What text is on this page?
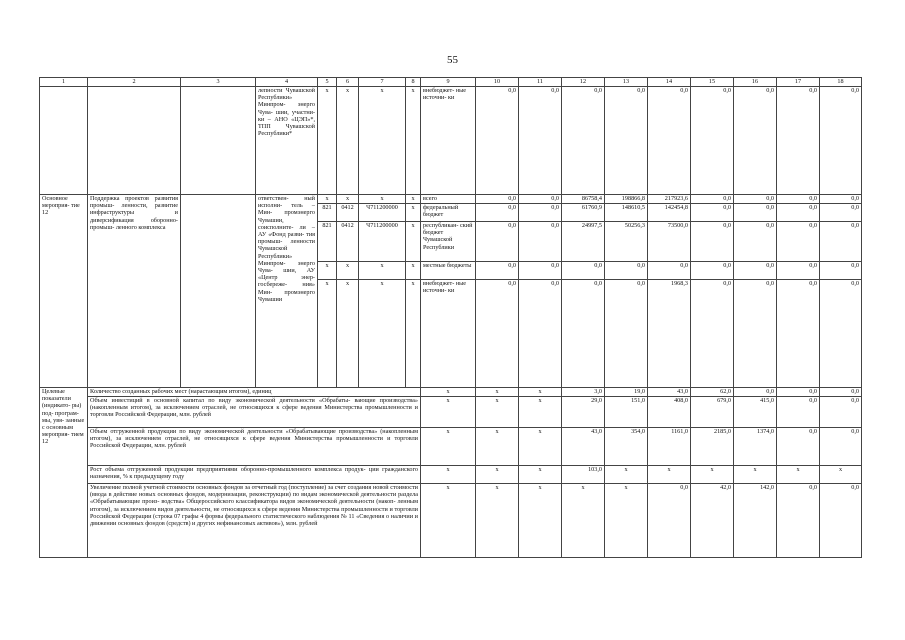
55
1	2	3	4	5	6	7	8	9	10	11	12	13	14	15	16	17	18
			лепности Чувашской Республики» Минпром- энерго Чува- шии, участни- ки – АНО «ЦЭП»*, ТПП Чувашской Республики*	x	x	x	x	внебюджет- ные источни- ки	0,0	0,0	0,0	0,0	0,0	0,0	0,0	0,0	0,0
Основное мероприя- тие 12	Поддержка проектов развития промыш- ленности, развитие инфраструктуры и диверсификация оборонно-промыш- ленного комплекса		ответствен- ный исполни- тель – Мин- промэнерго Чувашии, соисполните- ли – АУ «Фонд разви- тия промыш- ленности Чувашской Республики» Минпром- энерго Чува- шии, АУ «Центр энер- госбереже- ния» Мин- промэнерго Чувашии	x	x	x	x	всего	0,0	0,0	86758,4	198866,8	217923,6	0,0	0,0	0,0	0,0
				821	0412	Ч711200000	x	федеральный бюджет	0,0	0,0	61760,9	148610,5	142454,8	0,0	0,0	0,0	0,0
				821	0412	Ч711200000	x	республикан- ский бюджет Чувашской Республики	0,0	0,0	24997,5	50256,3	73500,0	0,0	0,0	0,0	0,0
				x	x	x	x	местные бюджеты	0,0	0,0	0,0	0,0	0,0	0,0	0,0	0,0	0,0
				x	x	x	x	внебюджет- ные источни- ки	0,0	0,0	0,0	0,0	1968,3	0,0	0,0	0,0	0,0
Целевые показатели (индикато- ры) под- програм- мы, увя- занные с основным мероприя- тием 12	Количество созданных рабочих мест (нарастающим итогом), единиц							x	x	x	3,0	19,0	43,0	62,0	0,0	0,0	0,0
	Объем инвестиций в основной капитал по виду экономической деятельности «Обрабаты- вающие производства» (накопленным итогом), за исключением отраслей, не относящихся к сфере ведения Министерства промышленности и торговли Российской Федерации, млн. рублей							x	x	x	29,0	151,0	408,0	679,0	415,0	0,0	0,0
	Объем отгруженной продукции по виду экономической деятельности «Обрабатывающие производства» (накопленным итогом), за исключением отраслей, не относящихся к сфере ведения Министерства промышленности и торговли Российской Федерации, млн. рублей							x	x	x	43,0	354,0	1161,0	2185,0	1374,0	0,0	0,0
	Рост объема отгруженной продукции предприятиями оборонно-промышленного комплекса продук- ции гражданского назначения, % к предыдущему году							x	x	x	103,0	x	x	x	x	x	x
	Увеличение полной учетной стоимости основных фондов за отчетный год (поступление) за счет создания новой стоимости (ввода в действие новых основных фондов, модернизации, реконструкции) по видам экономической деятельности раздела «Обрабатывающие произ- водства» Общероссийского классификатора видов экономической деятельности (накоп- ленным итогом), за исключением видов деятельности, не относящихся к сфере ведения Министерства промышленности и торговли Российской Федерации (строка 07 графы 4 формы федерального статистического наблюдения № 11 «Сведения о наличии и движении основных фондов (средств) и других нефинансовых активов»), млн. рублей							x	x	x	x	x	0,0	42,0	142,0	0,0	0,0
